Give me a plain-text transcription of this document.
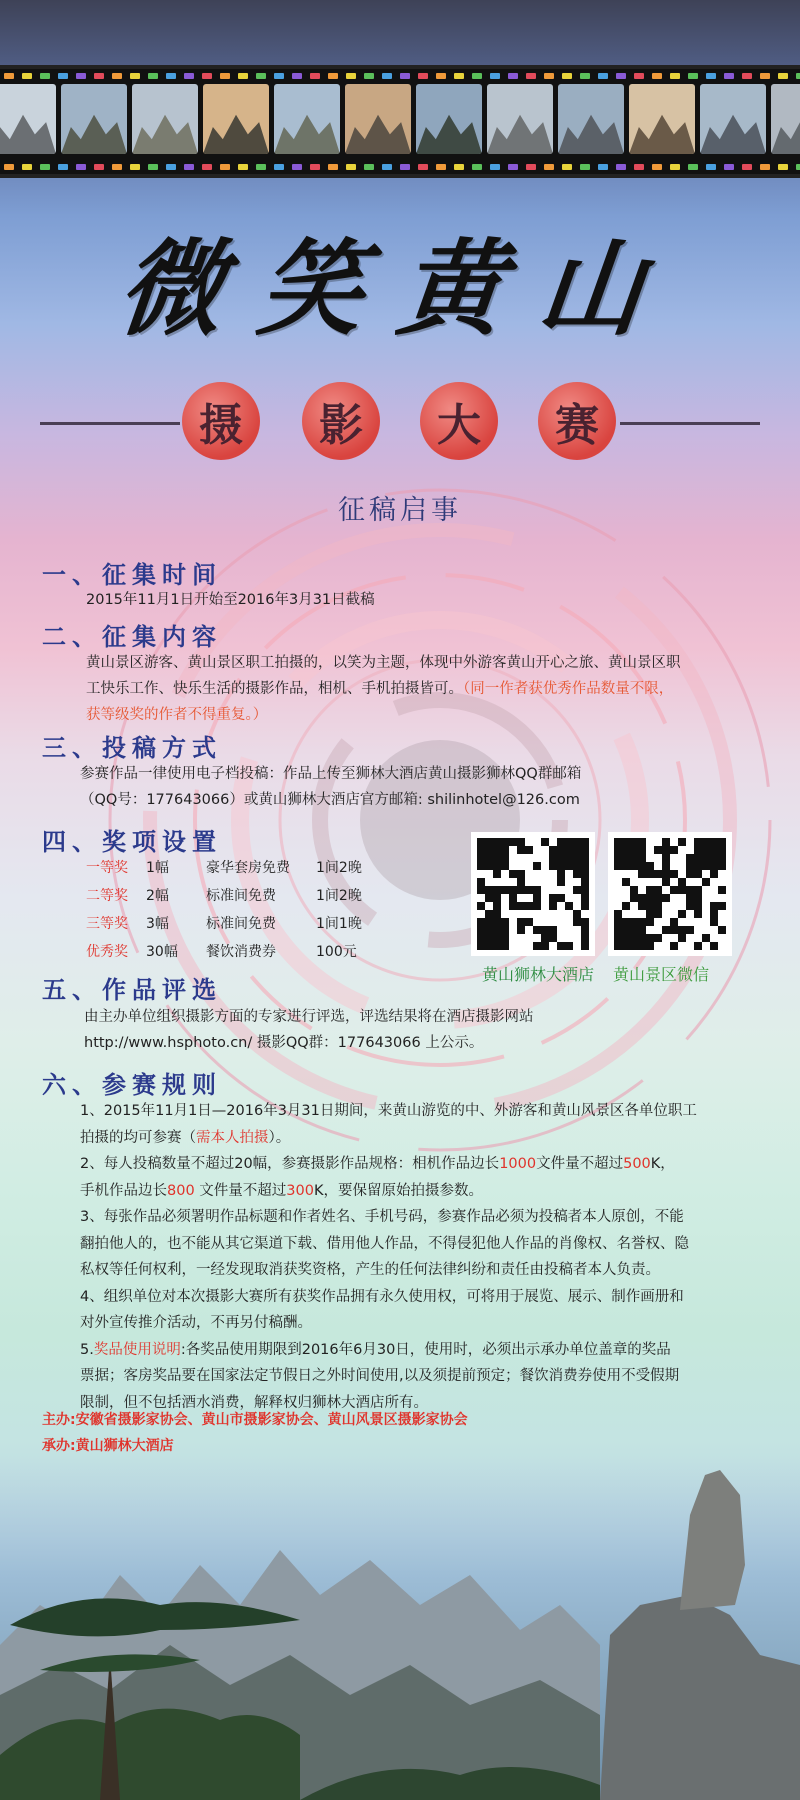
微笑黄山
摄	影	大	赛
征稿启事
一、征集时间
2015年11月1日开始至2016年3月31日截稿
二、征集内容
黄山景区游客、黄山景区职工拍摄的，以笑为主题，体现中外游客黄山开心之旅、黄山景区职
工快乐工作、快乐生活的摄影作品，相机、手机拍摄皆可。（同一作者获优秀作品数量不限，
获等级奖的作者不得重复。）
三、投稿方式
参赛作品一律使用电子档投稿：作品上传至狮林大酒店黄山摄影狮林QQ群邮箱
（QQ号：177643066）或黄山狮林大酒店官方邮箱: shilinhotel@126.com
四、奖项设置
一等奖 1幅	豪华套房免费 1间2晚
二等奖 2幅	标准间免费	1间2晚
三等奖 3幅	标准间免费	1间1晚
优秀奖 30幅 餐饮消费券	100元
黄山狮林大酒店 黄山景区微信
五、作品评选
由主办单位组织摄影方面的专家进行评选，评选结果将在酒店摄影网站
http://www.hsphoto.cn/ 摄影QQ群：177643066 上公示。
六、参赛规则
1、2015年11月1日—2016年3月31日期间，来黄山游览的中、外游客和黄山风景区各单位职工
拍摄的均可参赛（需本人拍摄）。
2、每人投稿数量不超过20幅，参赛摄影作品规格：相机作品边长1000文件量不超过500K，
手机作品边长800 文件量不超过300K，要保留原始拍摄参数。
3、每张作品必须署明作品标题和作者姓名、手机号码，参赛作品必须为投稿者本人原创，不能
翻拍他人的，也不能从其它渠道下载、借用他人作品，不得侵犯他人作品的肖像权、名誉权、隐
私权等任何权利，一经发现取消获奖资格，产生的任何法律纠纷和责任由投稿者本人负责。
4、组织单位对本次摄影大赛所有获奖作品拥有永久使用权，可将用于展览、展示、制作画册和
对外宣传推介活动，不再另付稿酬。
5.奖品使用说明:各奖品使用期限到2016年6月30日，使用时，必须出示承办单位盖章的奖品
票据；客房奖品要在国家法定节假日之外时间使用,以及须提前预定；餐饮消费券使用不受假期
限制，但不包括酒水消费，解释权归狮林大酒店所有。
主办:安徽省摄影家协会、黄山市摄影家协会、黄山风景区摄影家协会
承办:黄山狮林大酒店
